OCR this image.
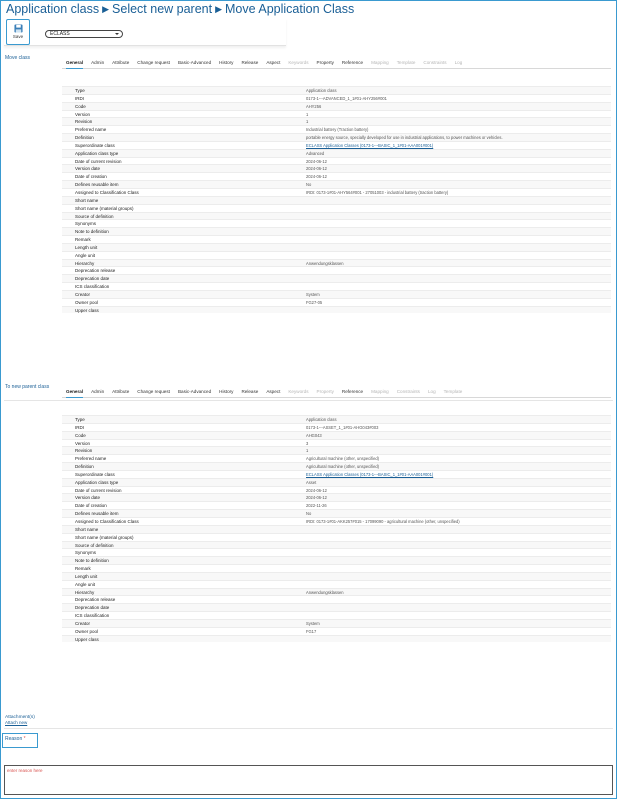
Application class ▶ Select new parent ▶ Move Application Class
Save	ECLASS
Move class
General Admin Attribute Change request Basic-Advanced History Release Aspect Keywords Property Reference Mapping Template Constraints Log
Type	Application class
IRDI	0173-1---ADVANCED_1_1#01-AHY256#001
Code	AHY256
Version	1
Revision	1
Preferred name	Industrial battery (Traction battery)
Definition	portable energy source, specially developed for use in industrial applications, to power machines or vehicles.
Superordinate class	ECLASS Application Classes (0173-1---BASIC_1_1#01-AAA001#001)
Application class type	Advanced
Date of current revision	2024-06-12
Version date	2024-06-12
Date of creation	2024-06-12
Defines reusable item	No
Assigned to Classification Class	IRDI: 0173-1#01-AHY564#001 - 27051003 - industrial battery (traction battery)
Short name
Short name (material groups)
Source of definition
Synonyms
Note to definition
Remark
Length unit
Angle unit
Hierarchy	Anwendungsklassen
Deprecation release
Deprecation date
ICS classification
Creator	System
Owner pool	FG27-05
Upper class
To new parent class
General Admin Attribute Change request Basic-Advanced History Release Aspect Keywords Property Reference Mapping Constraints Log Template
Type	Application class
IRDI	0173-1---ASSET_1_1#01-AHG043#003
Code	AHG043
Version	3
Revision	1
Preferred name	Agricultural machine (other, unspecified)
Definition	Agricultural machine (other, unspecified)
Superordinate class	ECLASS Application Classes (0173-1---BASIC_1_1#01-AAA001#001)
Application class type	Asset
Date of current revision	2024-06-12
Version date	2024-06-12
Date of creation	2022-11-26
Defines reusable item	No
Assigned to Classification Class	IRDI: 0173-1#01-AKK257#015 - 17099090 - agricultural machine (other, unspecified)
Short name
Short name (material groups)
Source of definition
Synonyms
Note to definition
Remark
Length unit
Angle unit
Hierarchy	Anwendungsklassen
Deprecation release
Deprecation date
ICS classification
Creator	System
Owner pool	FG17
Upper class
Attachment(s)
Attach new
Reason *
enter reason here
